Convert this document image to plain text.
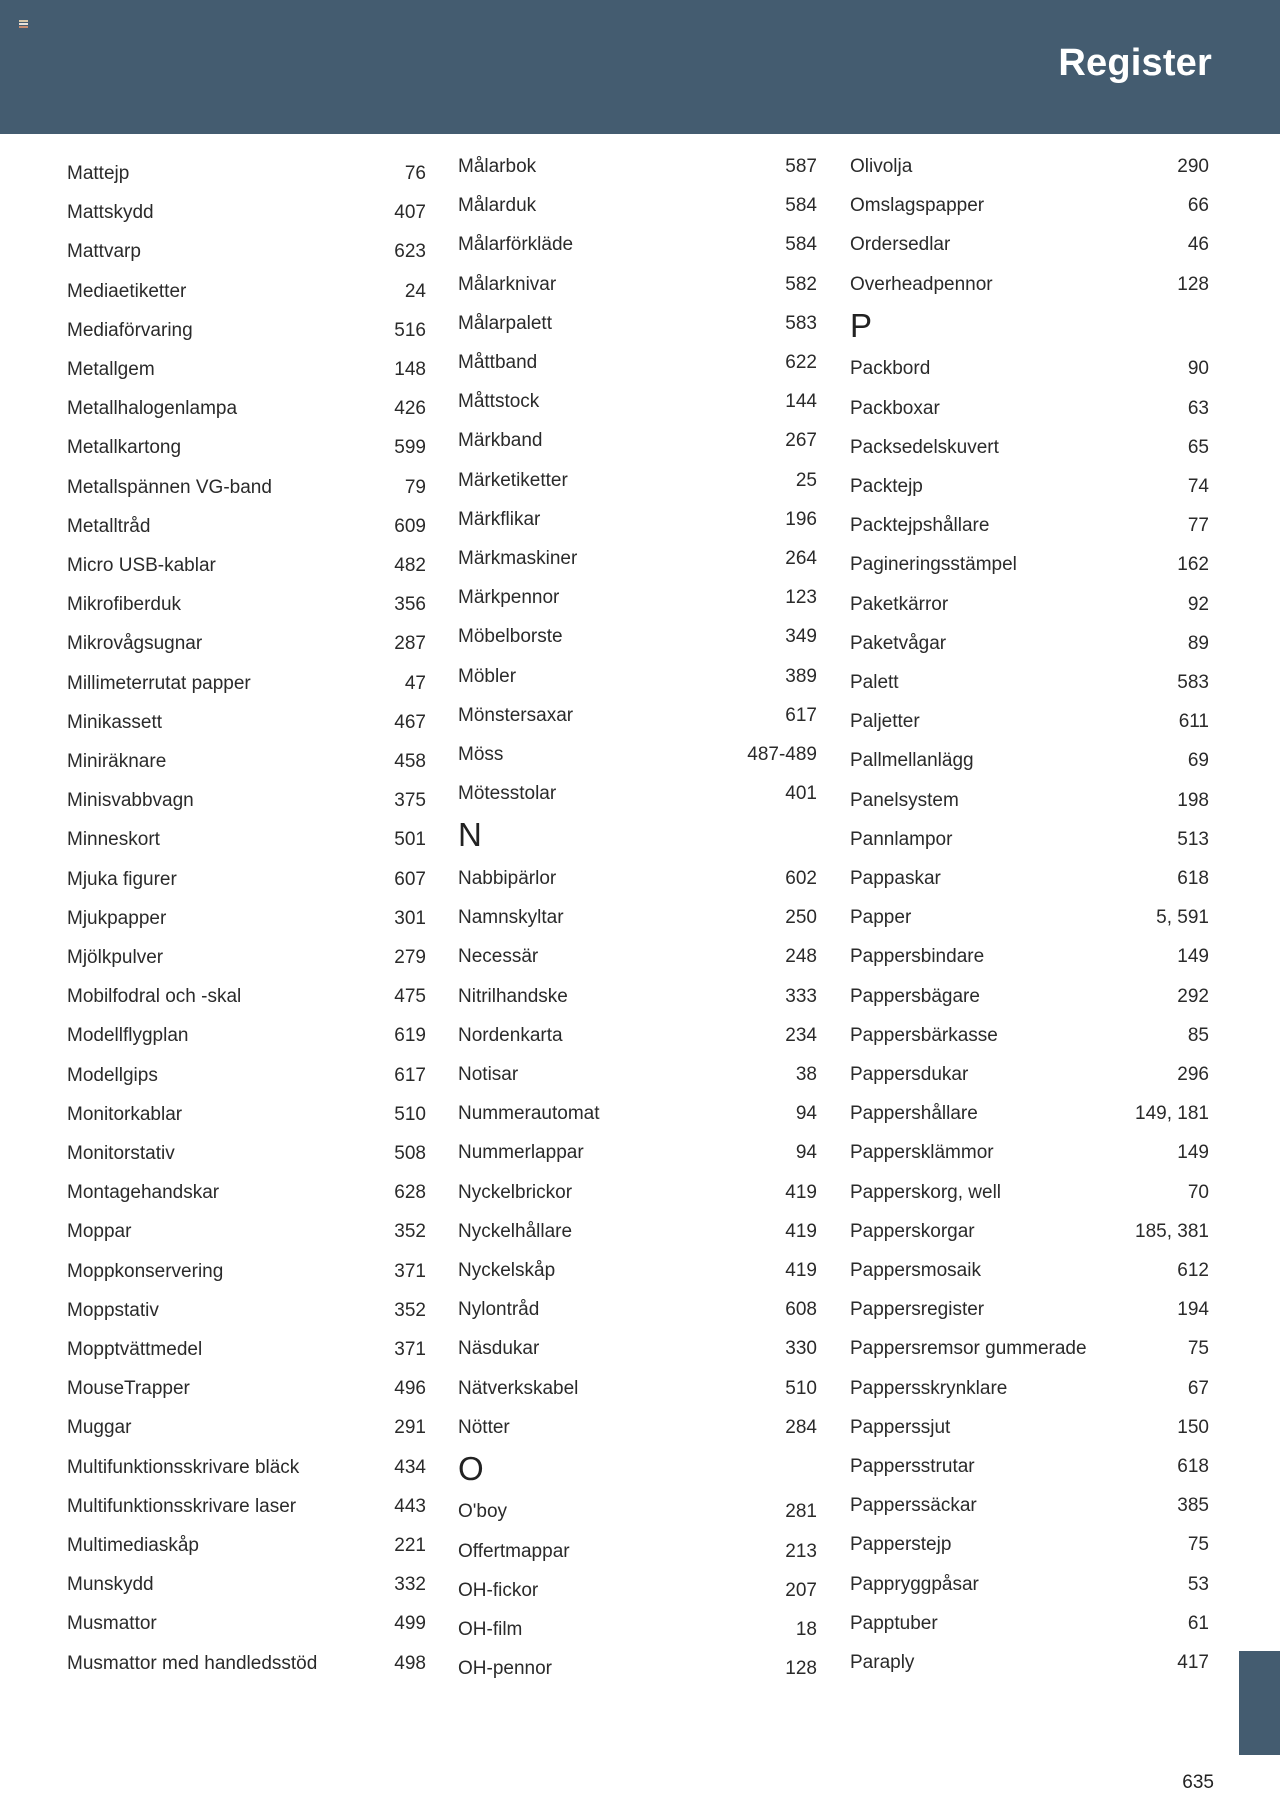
Register
Mattejp	76
Mattskydd	407
Mattvarp	623
Mediaetiketter	24
Mediaförvaring	516
Metallgem	148
Metallhalogenlampa	426
Metallkartong	599
Metallspännen VG-band	79
Metalltråd	609
Micro USB-kablar	482
Mikrofiberduk	356
Mikrovågsugnar	287
Millimeterrutat papper	47
Minikassett	467
Miniräknare	458
Minisvabbvagn	375
Minneskort	501
Mjuka figurer	607
Mjukpapper	301
Mjölkpulver	279
Mobilfodral och -skal	475
Modellflygplan	619
Modellgips	617
Monitorkablar	510
Monitorstativ	508
Montagehandskar	628
Moppar	352
Moppkonservering	371
Moppstativ	352
Mopptvättmedel	371
MouseTrapper	496
Muggar	291
Multifunktionsskrivare bläck	434
Multifunktionsskrivare laser	443
Multimediaskåp	221
Munskydd	332
Musmattor	499
Musmattor med handledsstöd	498
Målarbok	587
Målarduk	584
Målarförkläde	584
Målarknivar	582
Målarpalett	583
Måttband	622
Måttstock	144
Märkband	267
Märketiketter	25
Märkflikar	196
Märkmaskiner	264
Märkpennor	123
Möbelborste	349
Möbler	389
Mönstersaxar	617
Möss	487-489
Mötesstolar	401
N
Nabbipärlor	602
Namnskyltar	250
Necessär	248
Nitrilhandske	333
Nordenkarta	234
Notisar	38
Nummerautomat	94
Nummerlappar	94
Nyckelbrickor	419
Nyckelhållare	419
Nyckelskåp	419
Nylontråd	608
Näsdukar	330
Nätverkskabel	510
Nötter	284
O
O'boy	281
Offertmappar	213
OH-fickor	207
OH-film	18
OH-pennor	128
Olivolja	290
Omslagspapper	66
Ordersedlar	46
Overheadpennor	128
P
Packbord	90
Packboxar	63
Packsedelskuvert	65
Packtejp	74
Packtejpshållare	77
Pagineringsstämpel	162
Paketkärror	92
Paketvågar	89
Palett	583
Paljetter	611
Pallmellanlägg	69
Panelsystem	198
Pannlampor	513
Pappaskar	618
Papper	5, 591
Pappersbindare	149
Pappersbägare	292
Pappersbärkasse	85
Pappersdukar	296
Pappershållare	149, 181
Pappersklämmor	149
Papperskorg, well	70
Papperskorgar	185, 381
Pappersmosaik	612
Pappersregister	194
Pappersremsor gummerade	75
Pappersskrynklare	67
Papperssjut	150
Pappersstrutar	618
Papperssäckar	385
Papperstejp	75
Pappryggpåsar	53
Papptuber	61
Paraply	417
635
